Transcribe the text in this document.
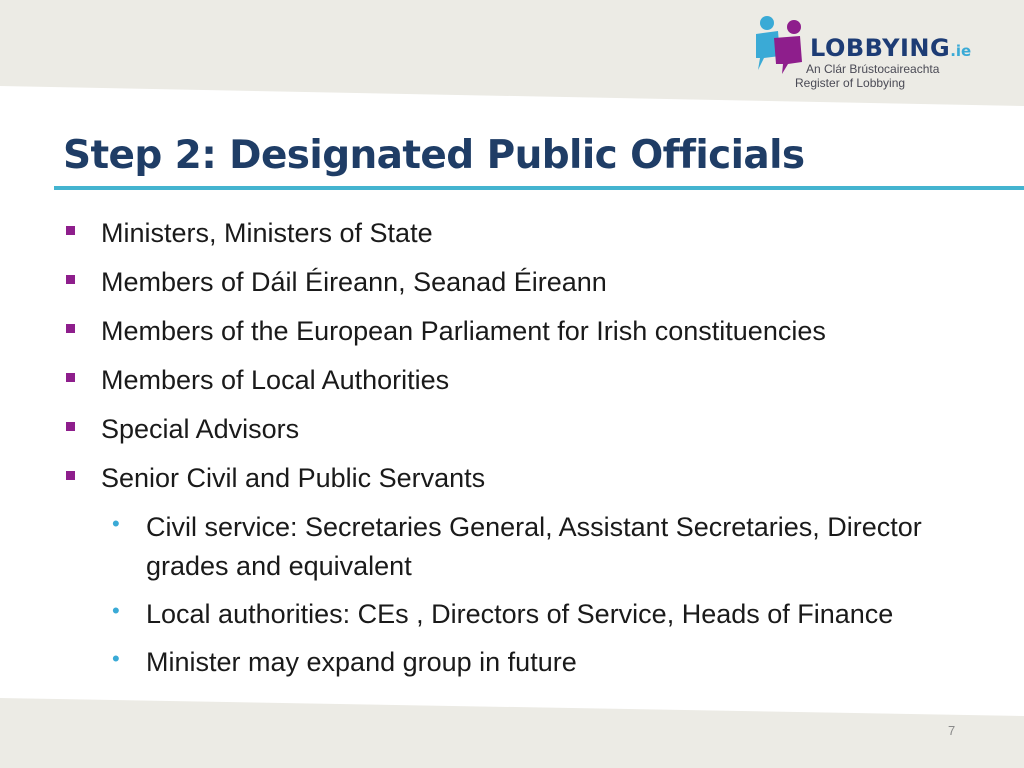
LOBBYING.ie
An Clár Brústocaireachta
Register of Lobbying
Step 2: Designated Public Officials
Ministers, Ministers of State
Members of Dáil Éireann, Seanad Éireann
Members of the European Parliament for Irish constituencies
Members of Local Authorities
Special Advisors
Senior Civil and Public Servants
• Civil service: Secretaries General, Assistant Secretaries, Director grades and equivalent
• Local authorities: CEs , Directors of Service, Heads of Finance
• Minister may expand group in future
7
